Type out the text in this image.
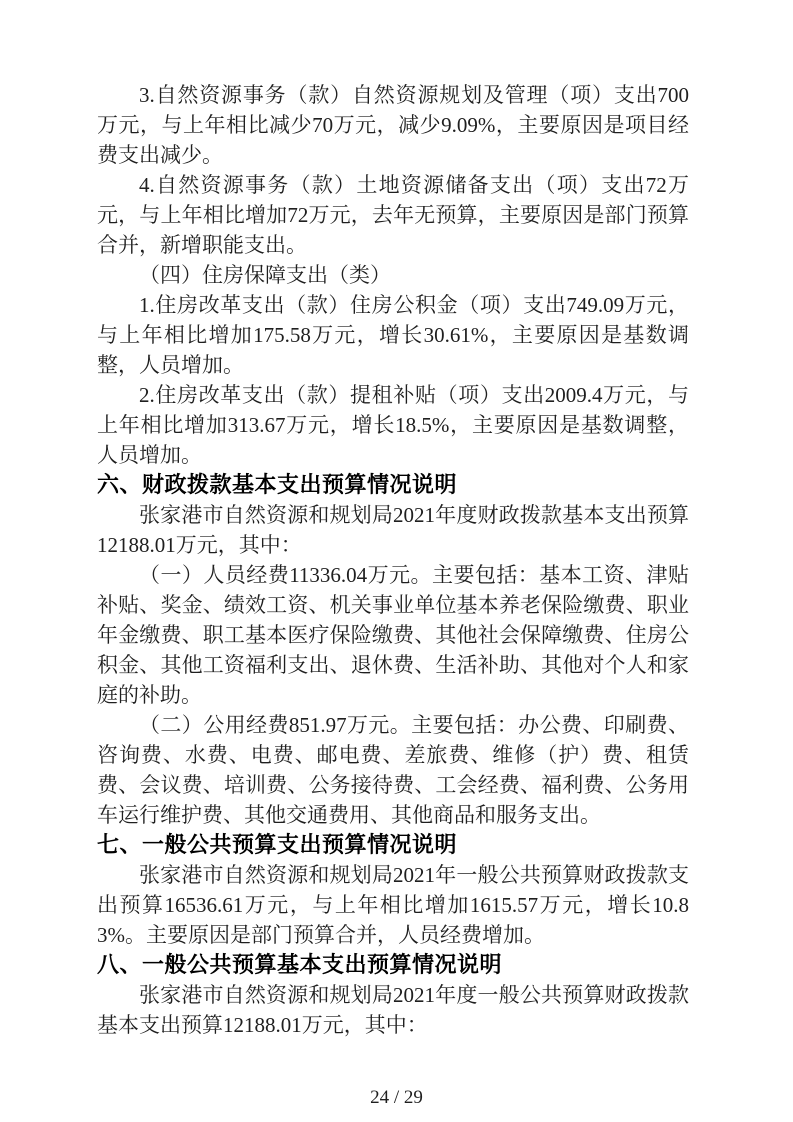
3.自然资源事务（款）自然资源规划及管理（项）支出700万元，与上年相比减少70万元，减少9.09%，主要原因是项目经费支出减少。

4.自然资源事务（款）土地资源储备支出（项）支出72万元，与上年相比增加72万元，去年无预算，主要原因是部门预算合并，新增职能支出。

（四）住房保障支出（类）

1.住房改革支出（款）住房公积金（项）支出749.09万元，与上年相比增加175.58万元，增长30.61%，主要原因是基数调整，人员增加。

2.住房改革支出（款）提租补贴（项）支出2009.4万元，与上年相比增加313.67万元，增长18.5%，主要原因是基数调整，人员增加。

六、财政拨款基本支出预算情况说明

张家港市自然资源和规划局2021年度财政拨款基本支出预算12188.01万元，其中：

（一）人员经费11336.04万元。主要包括：基本工资、津贴补贴、奖金、绩效工资、机关事业单位基本养老保险缴费、职业年金缴费、职工基本医疗保险缴费、其他社会保障缴费、住房公积金、其他工资福利支出、退休费、生活补助、其他对个人和家庭的补助。

（二）公用经费851.97万元。主要包括：办公费、印刷费、咨询费、水费、电费、邮电费、差旅费、维修（护）费、租赁费、会议费、培训费、公务接待费、工会经费、福利费、公务用车运行维护费、其他交通费用、其他商品和服务支出。

七、一般公共预算支出预算情况说明

张家港市自然资源和规划局2021年一般公共预算财政拨款支出预算16536.61万元，与上年相比增加1615.57万元，增长10.83%。主要原因是部门预算合并，人员经费增加。

八、一般公共预算基本支出预算情况说明

张家港市自然资源和规划局2021年度一般公共预算财政拨款基本支出预算12188.01万元，其中：

24 / 29
